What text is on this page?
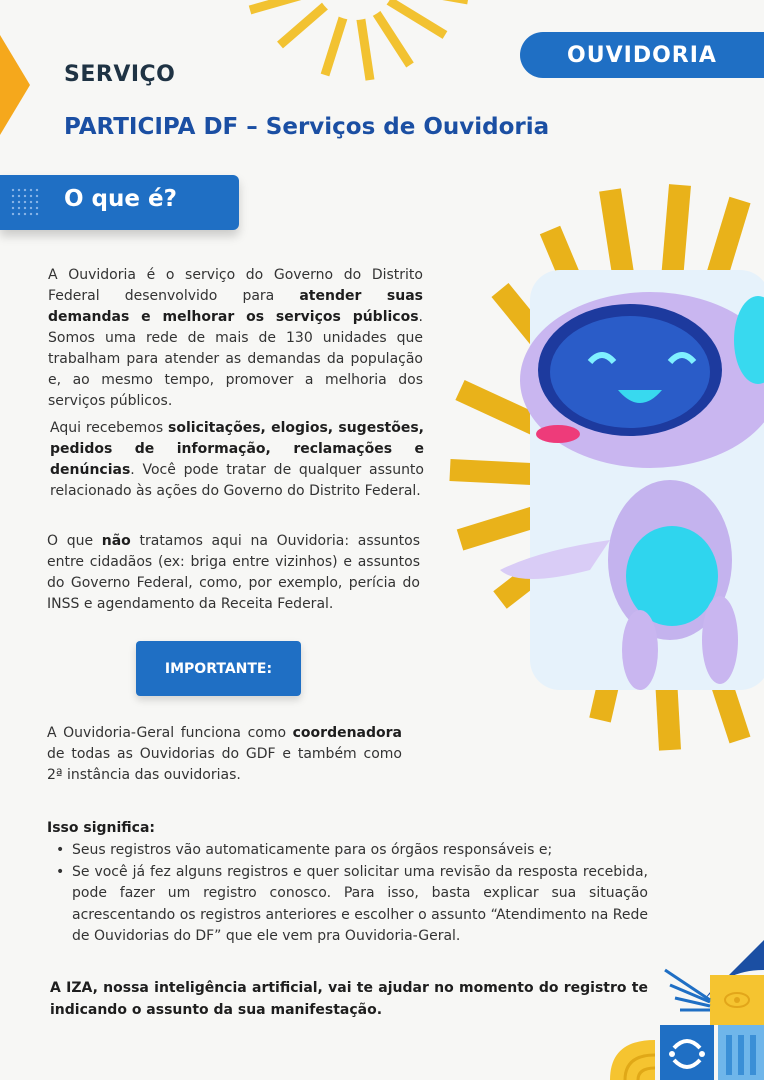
OUVIDORIA
SERVIÇO
PARTICIPA DF – Serviços de Ouvidoria
O que é?
A Ouvidoria é o serviço do Governo do Distrito Federal desenvolvido para atender suas demandas e melhorar os serviços públicos. Somos uma rede de mais de 130 unidades que trabalham para atender as demandas da população e, ao mesmo tempo, promover a melhoria dos serviços públicos.
Aqui recebemos solicitações, elogios, sugestões, pedidos de informação, reclamações e denúncias. Você pode tratar de qualquer assunto relacionado às ações do Governo do Distrito Federal.
O que não tratamos aqui na Ouvidoria: assuntos entre cidadãos (ex: briga entre vizinhos) e assuntos do Governo Federal, como, por exemplo, perícia do INSS e agendamento da Receita Federal.
IMPORTANTE:
A Ouvidoria-Geral funciona como coordenadora de todas as Ouvidorias do GDF e também como 2ª instância das ouvidorias.
Isso significa:
• Seus registros vão automaticamente para os órgãos responsáveis e;
• Se você já fez alguns registros e quer solicitar uma revisão da resposta recebida, pode fazer um registro conosco. Para isso, basta explicar sua situação acrescentando os registros anteriores e escolher o assunto “Atendimento na Rede de Ouvidorias do DF” que ele vem pra Ouvidoria-Geral.
A IZA, nossa inteligência artificial, vai te ajudar no momento do registro te indicando o assunto da sua manifestação.
